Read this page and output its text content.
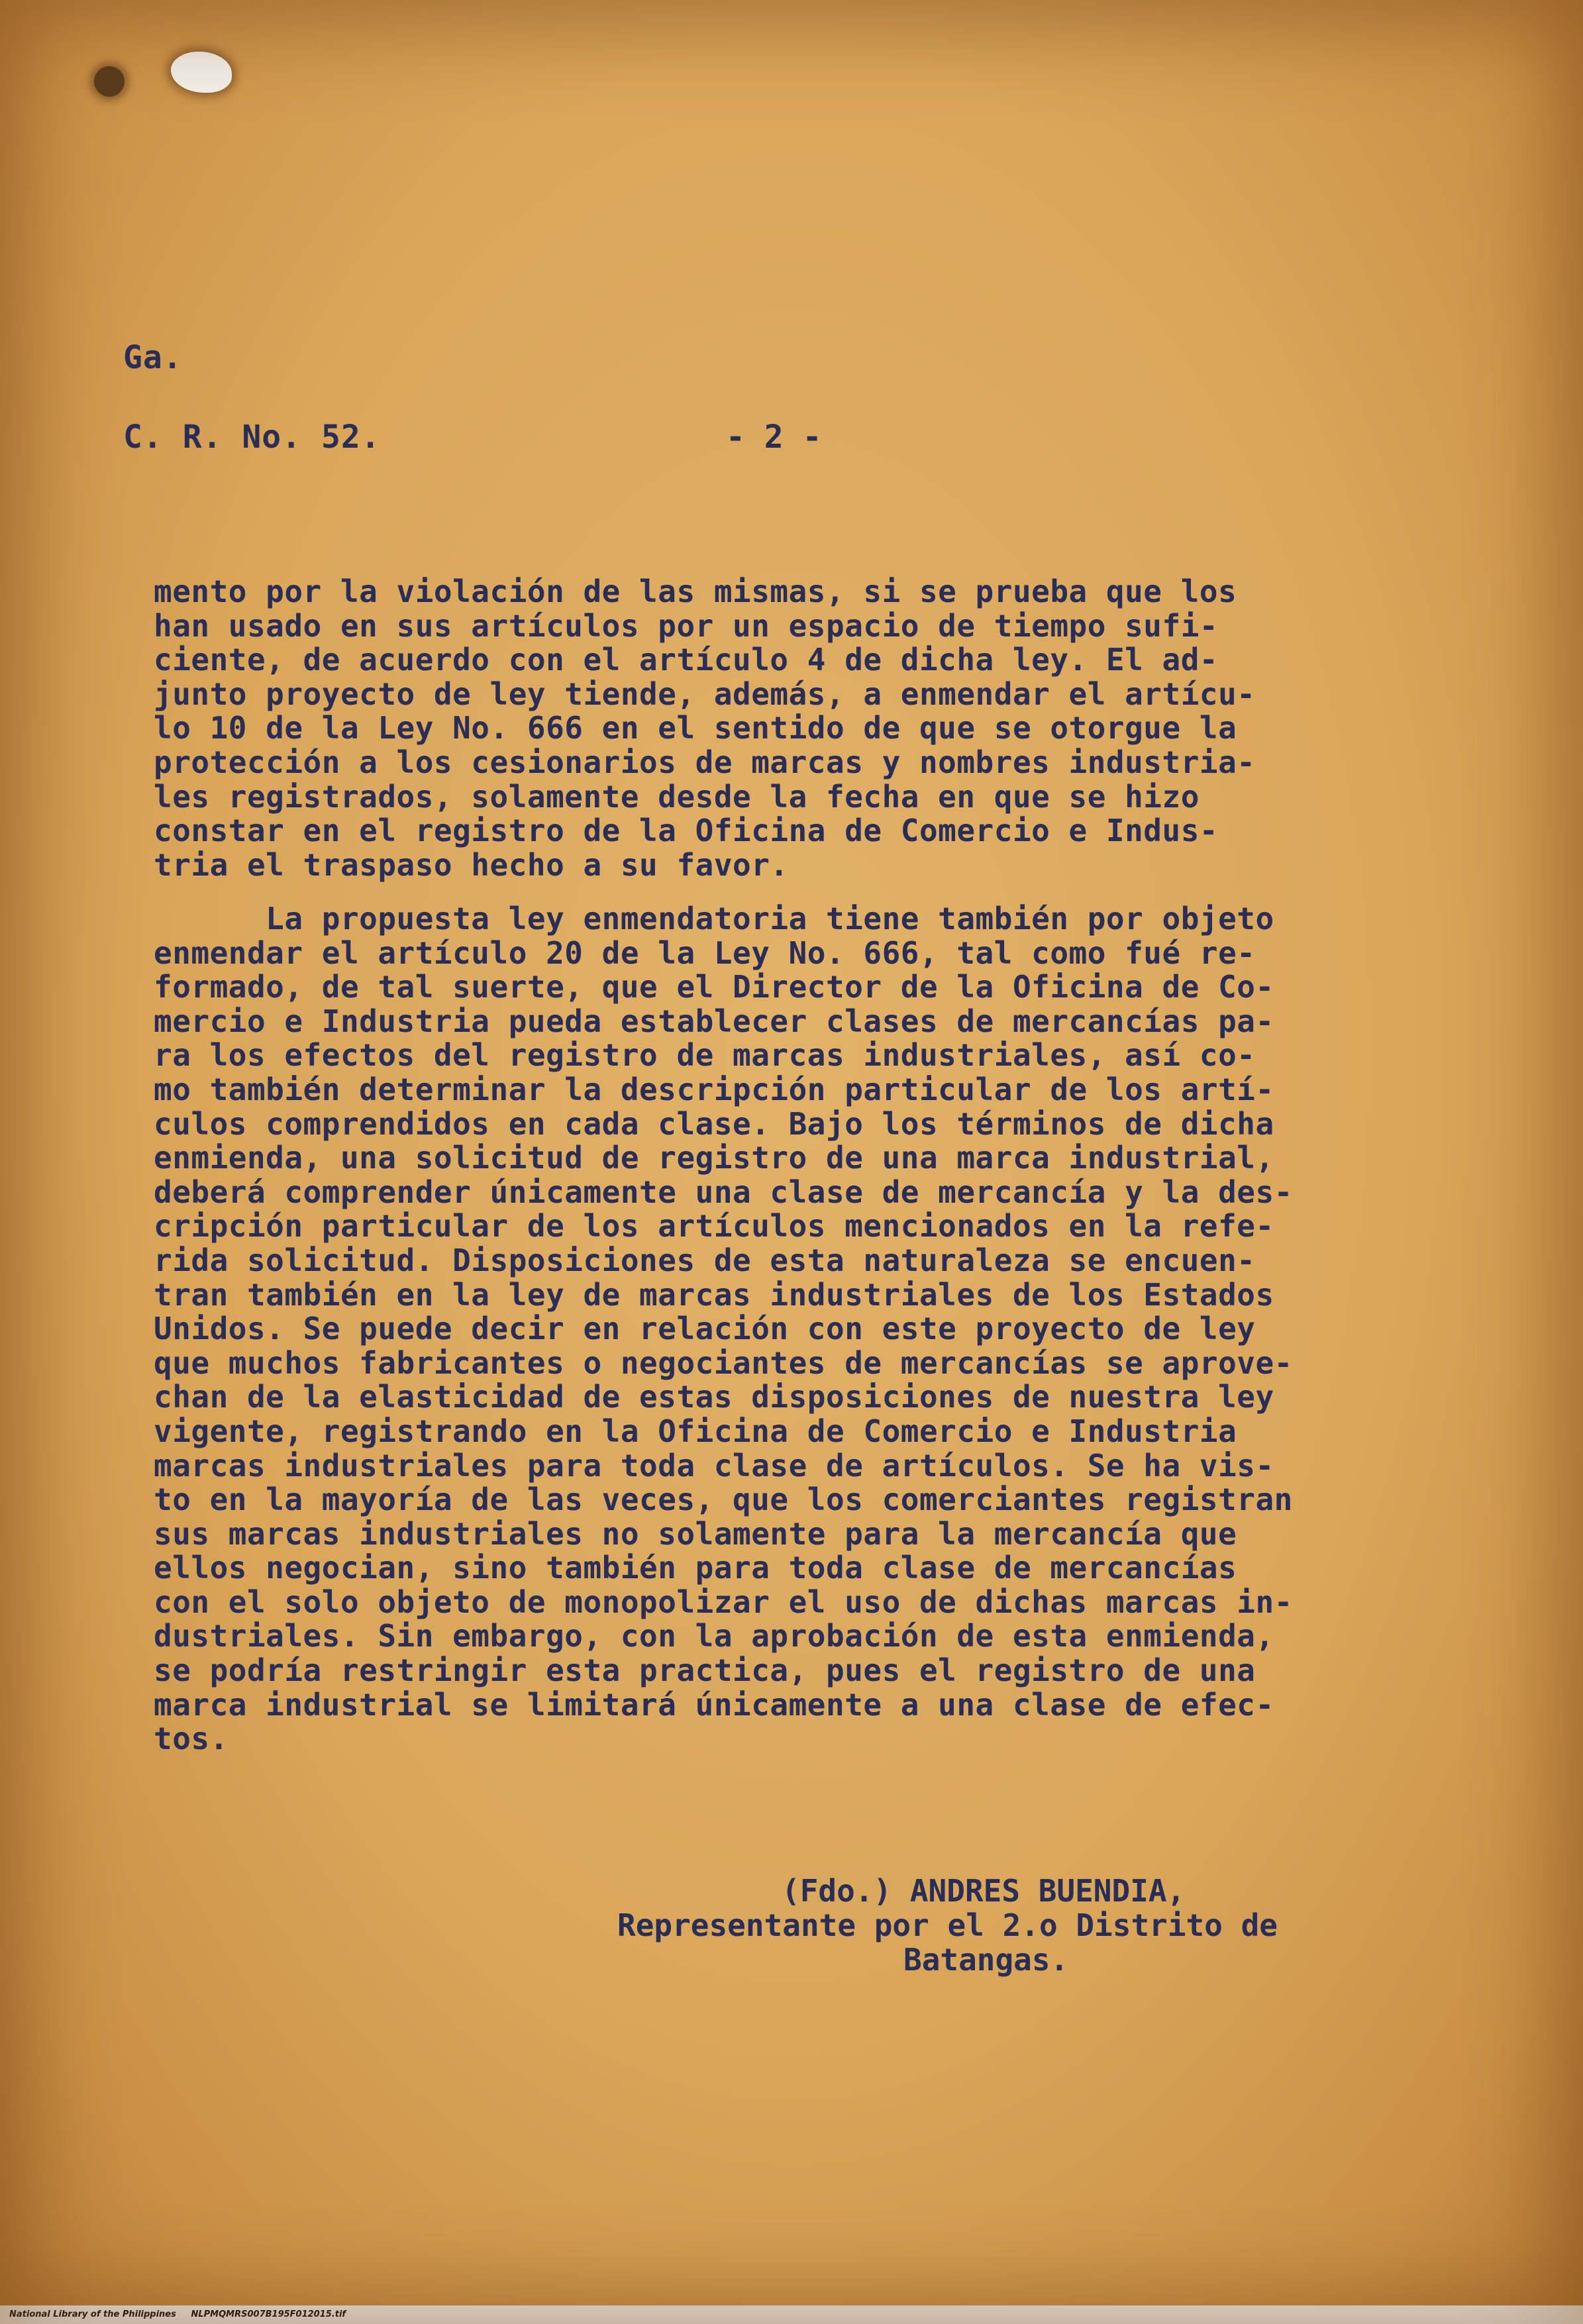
Ga.
C. R. No. 52.	- 2 -

mento por la violación de las mismas, si se prueba que los
han usado en sus artículos por un espacio de tiempo sufi-
ciente, de acuerdo con el artículo 4 de dicha ley. El ad-
junto proyecto de ley tiende, además, a enmendar el artícu-
lo 10 de la Ley No. 666 en el sentido de que se otorgue la
protección a los cesionarios de marcas y nombres industria-
les registrados, solamente desde la fecha en que se hizo
constar en el registro de la Oficina de Comercio e Indus-
tria el traspaso hecho a su favor.

La propuesta ley enmendatoria tiene también por objeto
enmendar el artículo 20 de la Ley No. 666, tal como fué re-
formado, de tal suerte, que el Director de la Oficina de Co-
mercio e Industria pueda establecer clases de mercancías pa-
ra los efectos del registro de marcas industriales, así co-
mo también determinar la descripción particular de los artí-
culos comprendidos en cada clase. Bajo los términos de dicha
enmienda, una solicitud de registro de una marca industrial,
deberá comprender únicamente una clase de mercancía y la des-
cripción particular de los artículos mencionados en la refe-
rida solicitud. Disposiciones de esta naturaleza se encuen-
tran también en la ley de marcas industriales de los Estados
Unidos. Se puede decir en relación con este proyecto de ley
que muchos fabricantes o negociantes de mercancías se aprove-
chan de la elasticidad de estas disposiciones de nuestra ley
vigente, registrando en la Oficina de Comercio e Industria
marcas industriales para toda clase de artículos. Se ha vis-
to en la mayoría de las veces, que los comerciantes registran
sus marcas industriales no solamente para la mercancía que
ellos negocian, sino también para toda clase de mercancías
con el solo objeto de monopolizar el uso de dichas marcas in-
dustriales. Sin embargo, con la aprobación de esta enmienda,
se podría restringir esta practica, pues el registro de una
marca industrial se limitará únicamente a una clase de efec-
tos.

(Fdo.) ANDRES BUENDIA,
Representante por el 2.o Distrito de
Batangas.
National Library of the Philippines     NLPMQMRS007B195F012015.tif
